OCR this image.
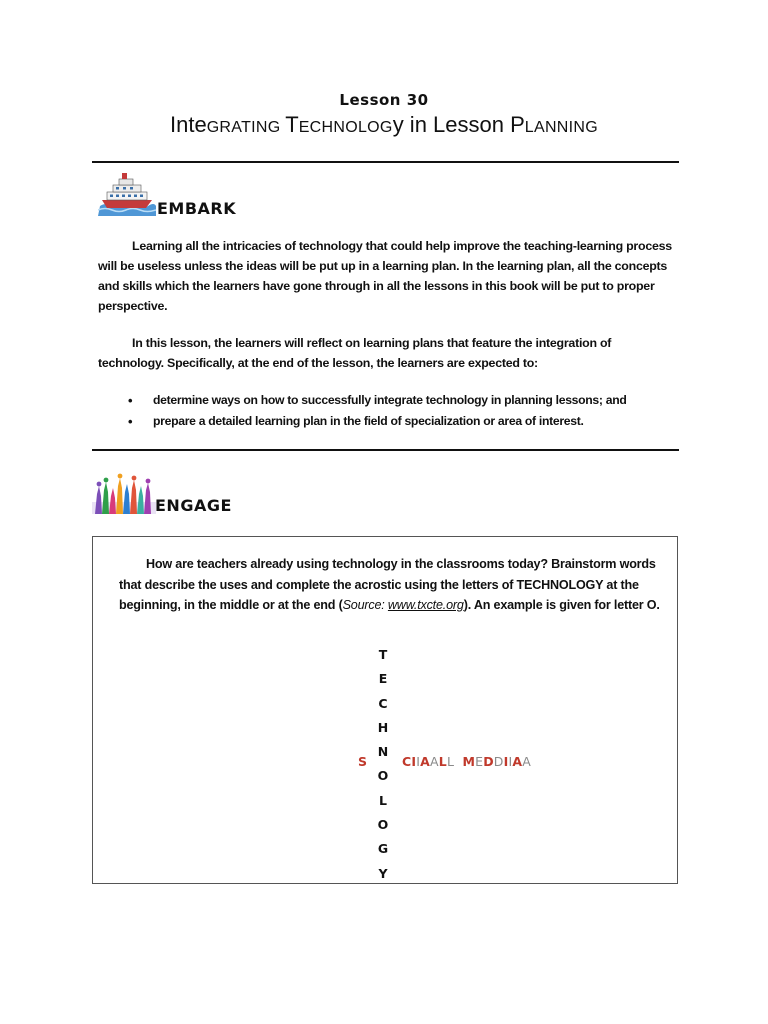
Lesson 30
InteGRATING TECHNOLOGy in Lesson PLANNING
EMBARK
Learning all the intricacies of technology that could help improve the teaching-learning process will be useless unless the ideas will be put up in a learning plan. In the learning plan, all the concepts and skills which the learners have gone through in all the lessons in this book will be put to proper perspective.
In this lesson, the learners will reflect on learning plans that feature the integration of technology. Specifically, at the end of the lesson, the learners are expected to:
• determine ways on how to successfully integrate technology in planning lessons; and
• prepare a detailed learning plan in the field of specialization or area of interest.
ENGAGE
How are teachers already using technology in the classrooms today? Brainstorm words that describe the uses and complete the acrostic using the letters of TECHNOLOGY at the beginning, in the middle or at the end (Source: www.txcte.org). An example is given for letter O.
T
E
C
H
N
O
L
O
G
Y
S	CIIAALL MEDDIIAA
